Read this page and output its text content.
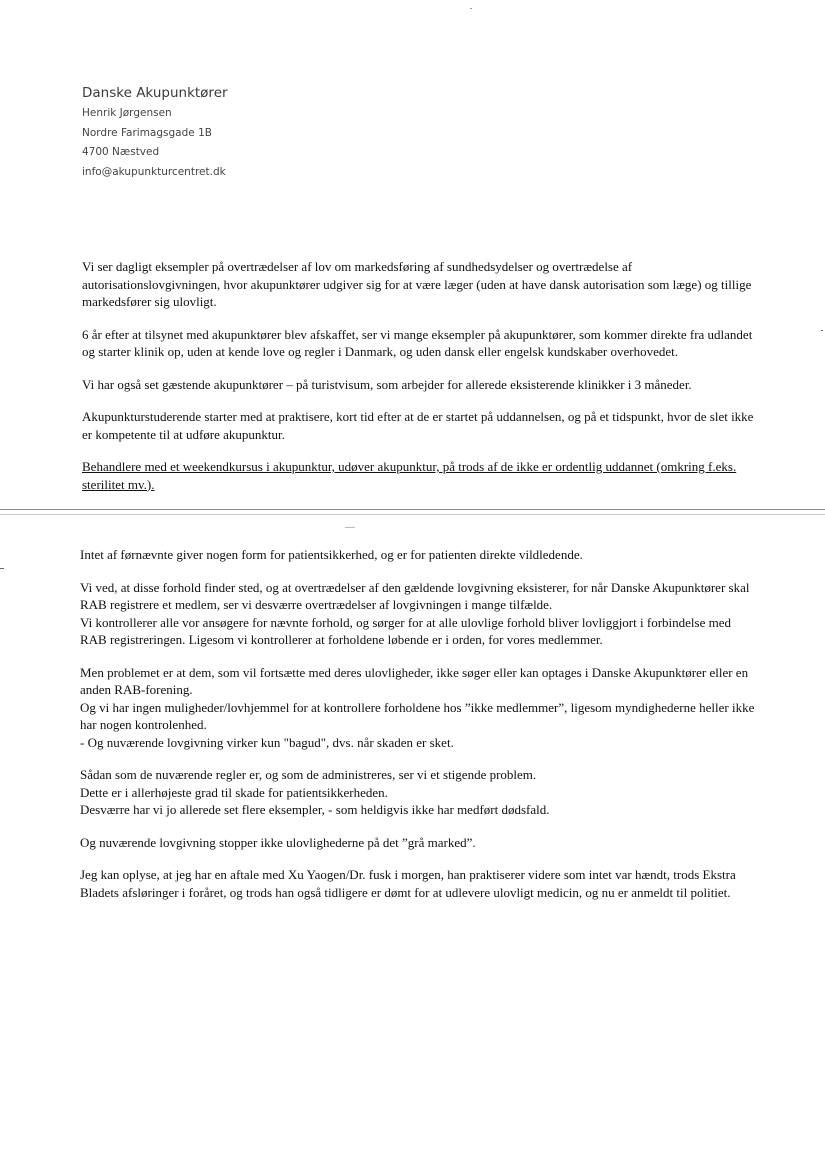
Danske Akupunktører
Henrik Jørgensen
Nordre Farimagsgade 1B
4700 Næstved
info@akupunkturcentret.dk

Vi ser dagligt eksempler på overtrædelser af lov om markedsføring af sundhedsydelser og overtrædelse af autorisationslovgivningen, hvor akupunktører udgiver sig for at være læger (uden at have dansk autorisation som læge) og tillige markedsfører sig ulovligt.

6 år efter at tilsynet med akupunktører blev afskaffet, ser vi mange eksempler på akupunktører, som kommer direkte fra udlandet og starter klinik op, uden at kende love og regler i Danmark, og uden dansk eller engelsk kundskaber overhovedet.

Vi har også set gæstende akupunktører – på turistvisum, som arbejder for allerede eksisterende klinikker i 3 måneder.

Akupunkturstuderende starter med at praktisere, kort tid efter at de er startet på uddannelsen, og på et tidspunkt, hvor de slet ikke er kompetente til at udføre akupunktur.

Behandlere med et weekendkursus i akupunktur, udøver akupunktur, på trods af de ikke er ordentlig uddannet (omkring f.eks. sterilitet mv.).

Intet af førnævnte giver nogen form for patientsikkerhed, og er for patienten direkte vildledende.

Vi ved, at disse forhold finder sted, og at overtrædelser af den gældende lovgivning eksisterer, for når Danske Akupunktører skal RAB registrere et medlem, ser vi desværre overtrædelser af lovgivningen i mange tilfælde.

Vi kontrollerer alle vor ansøgere for nævnte forhold, og sørger for at alle ulovlige forhold bliver lovliggjort i forbindelse med RAB registreringen. Ligesom vi kontrollerer at forholdene løbende er i orden, for vores medlemmer.

Men problemet er at dem, som vil fortsætte med deres ulovligheder, ikke søger eller kan optages i Danske Akupunktører eller en anden RAB-forening.

Og vi har ingen muligheder/lovhjemmel for at kontrollere forholdene hos ”ikke medlemmer”, ligesom myndighederne heller ikke har nogen kontrolenhed.

- Og nuværende lovgivning virker kun "bagud", dvs. når skaden er sket.

Sådan som de nuværende regler er, og som de administreres, ser vi et stigende problem.

Dette er i allerhøjeste grad til skade for patientsikkerheden.

Desværre har vi jo allerede set flere eksempler, - som heldigvis ikke har medført dødsfald.

Og nuværende lovgivning stopper ikke ulovlighederne på det ”grå marked”.

Jeg kan oplyse, at jeg har en aftale med Xu Yaogen/Dr. fusk i morgen, han praktiserer videre som intet var hændt, trods Ekstra Bladets afsløringer i foråret, og trods han også tidligere er dømt for at udlevere ulovligt medicin, og nu er anmeldt til politiet.
